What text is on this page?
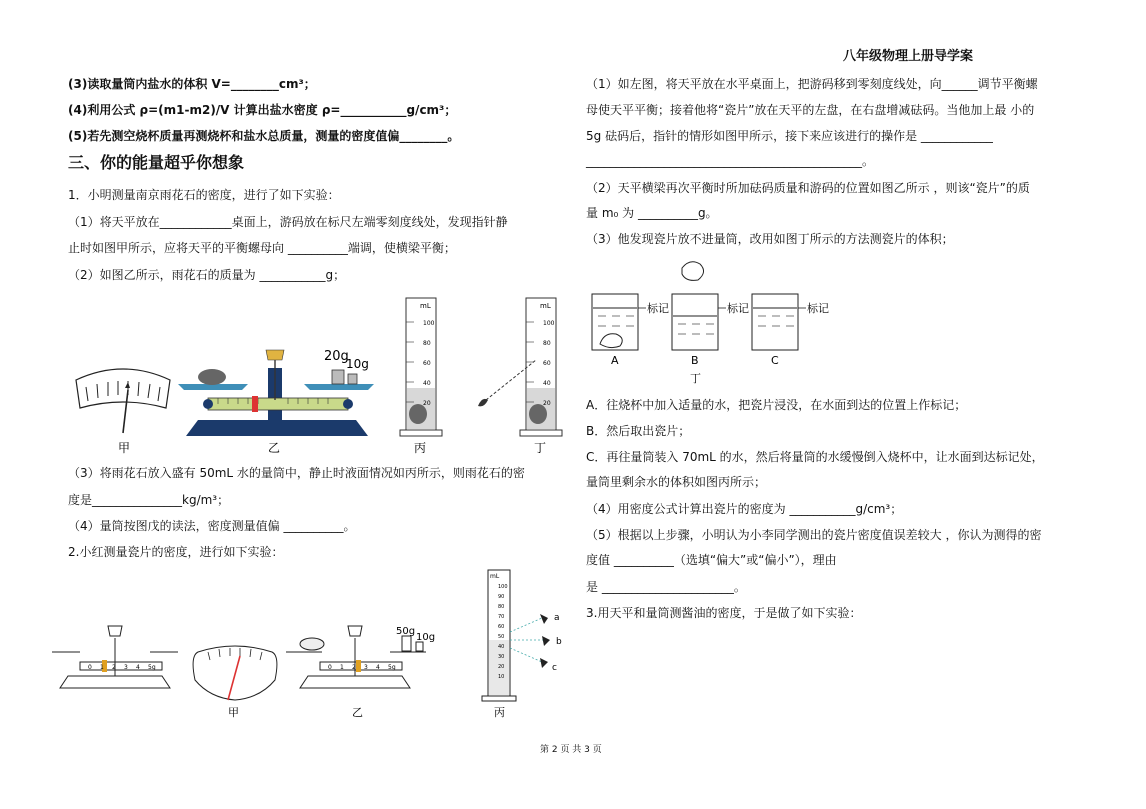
八年级物理上册导学案
(3)读取量筒内盐水的体积 V=________cm³；
(4)利用公式 ρ=(m1-m2)/V 计算出盐水密度 ρ=___________g/cm³；
(5)若先测空烧杯质量再测烧杯和盐水总质量，测量的密度值偏________。
三、你的能量超乎你想象
1．小明测量南京雨花石的密度，进行了如下实验：
（1）将天平放在____________桌面上，游码放在标尺左端零刻度线处，发现指针静
止时如图甲所示，应将天平的平衡螺母向 __________端调，使横梁平衡；
（2）如图乙所示，雨花石的质量为 ___________g；
20g
10g
mL
100
80
60
40
20
mL
100
80
60
40
20
甲	乙	丙	丁
（3）将雨花石放入盛有 50mL 水的量筒中，静止时液面情况如丙所示，则雨花石的密
度是_______________kg/m³；
（4）量筒按图戊的读法，密度测量值偏 __________。
2.小红测量瓷片的密度，进行如下实验：
0 1 2 3 4 5g
50g
10g
0 1 2 3 4 5g
mL
100
90
80
70
60
50
40
30
20
10
a
b
c
甲	乙	丙
（1）如左图，将天平放在水平桌面上，把游码移到零刻度线处，向______调节平衡螺
母使天平平衡；接着他将“瓷片”放在天平的左盘，在右盘增减砝码。当他加上最 小的
5g 砝码后，指针的情形如图甲所示，接下来应该进行的操作是 ____________
______________________________________________。
（2）天平横梁再次平衡时所加砝码质量和游码的位置如图乙所示 ，则该“瓷片”的质
量 m₀ 为 __________g。
（3）他发现瓷片放不进量筒，改用如图丁所示的方法测瓷片的体积；
标记	标记	标记
A	B	C
丁
A．往烧杯中加入适量的水，把瓷片浸没，在水面到达的位置上作标记；
B．然后取出瓷片；
C．再往量筒装入 70mL 的水，然后将量筒的水缓慢倒入烧杯中，让水面到达标记处，
量筒里剩余水的体积如图丙所示；
（4）用密度公式计算出瓷片的密度为 ___________g/cm³；
（5）根据以上步骤，小明认为小李同学测出的瓷片密度值误差较大 ，你认为测得的密
度值 __________（选填“偏大”或“偏小”），理由
是 ______________________。
3.用天平和量筒测酱油的密度，于是做了如下实验：
第 2 页 共 3 页
